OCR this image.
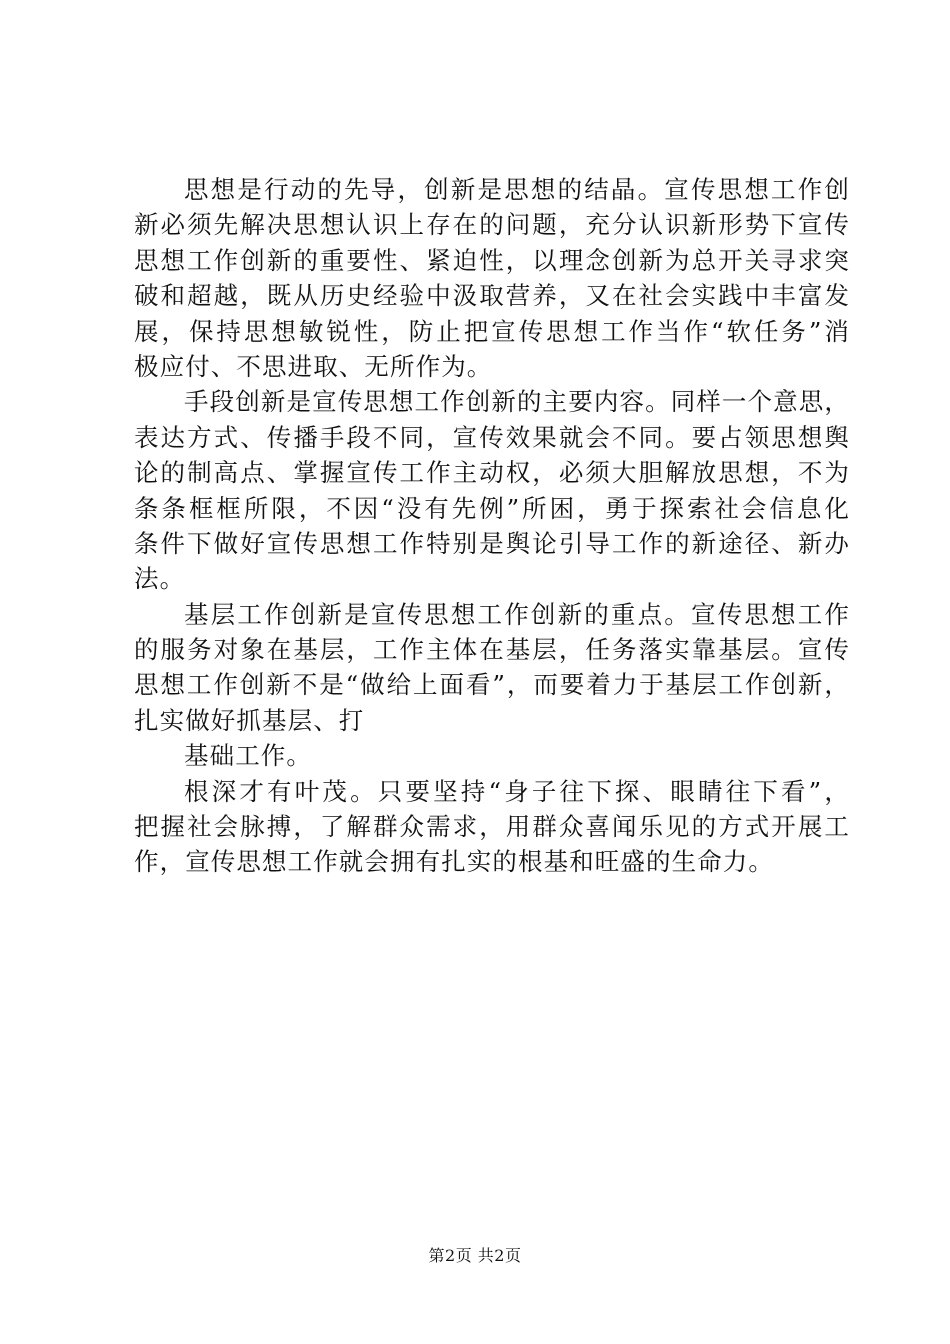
思想是行动的先导，创新是思想的结晶。宣传思想工作创
新必须先解决思想认识上存在的问题，充分认识新形势下宣传
思想工作创新的重要性、紧迫性，以理念创新为总开关寻求突
破和超越，既从历史经验中汲取营养，又在社会实践中丰富发
展，保持思想敏锐性，防止把宣传思想工作当作“软任务”消
极应付、不思进取、无所作为。
手段创新是宣传思想工作创新的主要内容。同样一个意思，
表达方式、传播手段不同，宣传效果就会不同。要占领思想舆
论的制高点、掌握宣传工作主动权，必须大胆解放思想，不为
条条框框所限，不因“没有先例”所困，勇于探索社会信息化
条件下做好宣传思想工作特别是舆论引导工作的新途径、新办
法。
基层工作创新是宣传思想工作创新的重点。宣传思想工作
的服务对象在基层，工作主体在基层，任务落实靠基层。宣传
思想工作创新不是“做给上面看”，而要着力于基层工作创新，
扎实做好抓基层、打
基础工作。
根深才有叶茂。只要坚持“身子往下探、眼睛往下看”，
把握社会脉搏，了解群众需求，用群众喜闻乐见的方式开展工
作，宣传思想工作就会拥有扎实的根基和旺盛的生命力。
第2页 共2页
